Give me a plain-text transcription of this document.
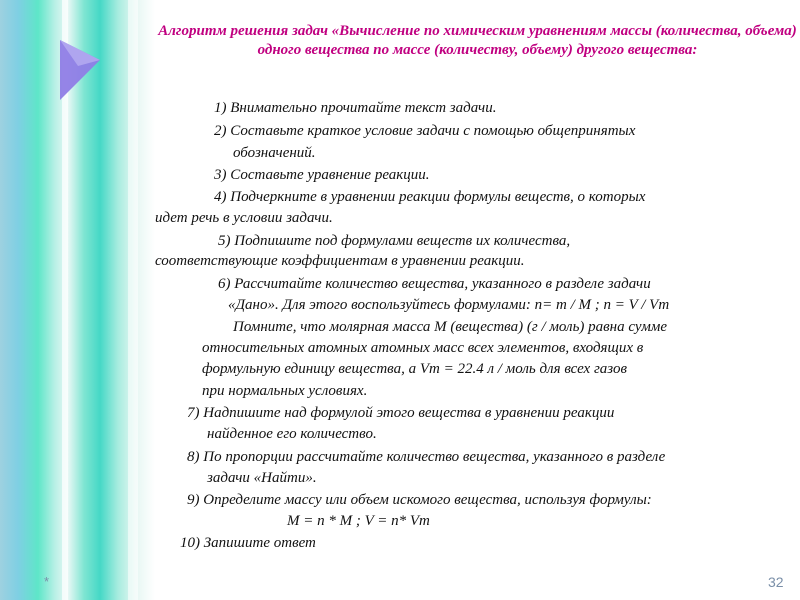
Алгоритм решения задач «Вычисление по химическим уравнениям массы (количества, объема) одного вещества по массе (количеству, объему) другого вещества:
1) Внимательно прочитайте текст задачи.
2) Составьте краткое условие задачи с помощью общепринятых
обозначений.
3) Составьте уравнение реакции.
4) Подчеркните в уравнении реакции формулы веществ, о которых
идет речь в условии задачи.
5) Подпишите под формулами веществ их количества,
соответствующие коэффициентам в уравнении реакции.
6) Рассчитайте количество вещества, указанного в разделе задачи
«Дано». Для этого воспользуйтесь формулами: n= m / M ; n = V / Vm
Помните, что молярная масса M (вещества) (г / моль) равна сумме
относительных атомных атомных масс всех элементов, входящих в
формульную единицу вещества, а Vm = 22.4 л / моль для всех газов
при нормальных условиях.
7) Надпишите над формулой этого вещества в уравнении реакции
найденное его количество.
8) По пропорции рассчитайте количество вещества, указанного в разделе
задачи «Найти».
9) Определите массу или объем искомого вещества, используя формулы:
M = n * M ; V = n* Vm
10) Запишите ответ
*	32
